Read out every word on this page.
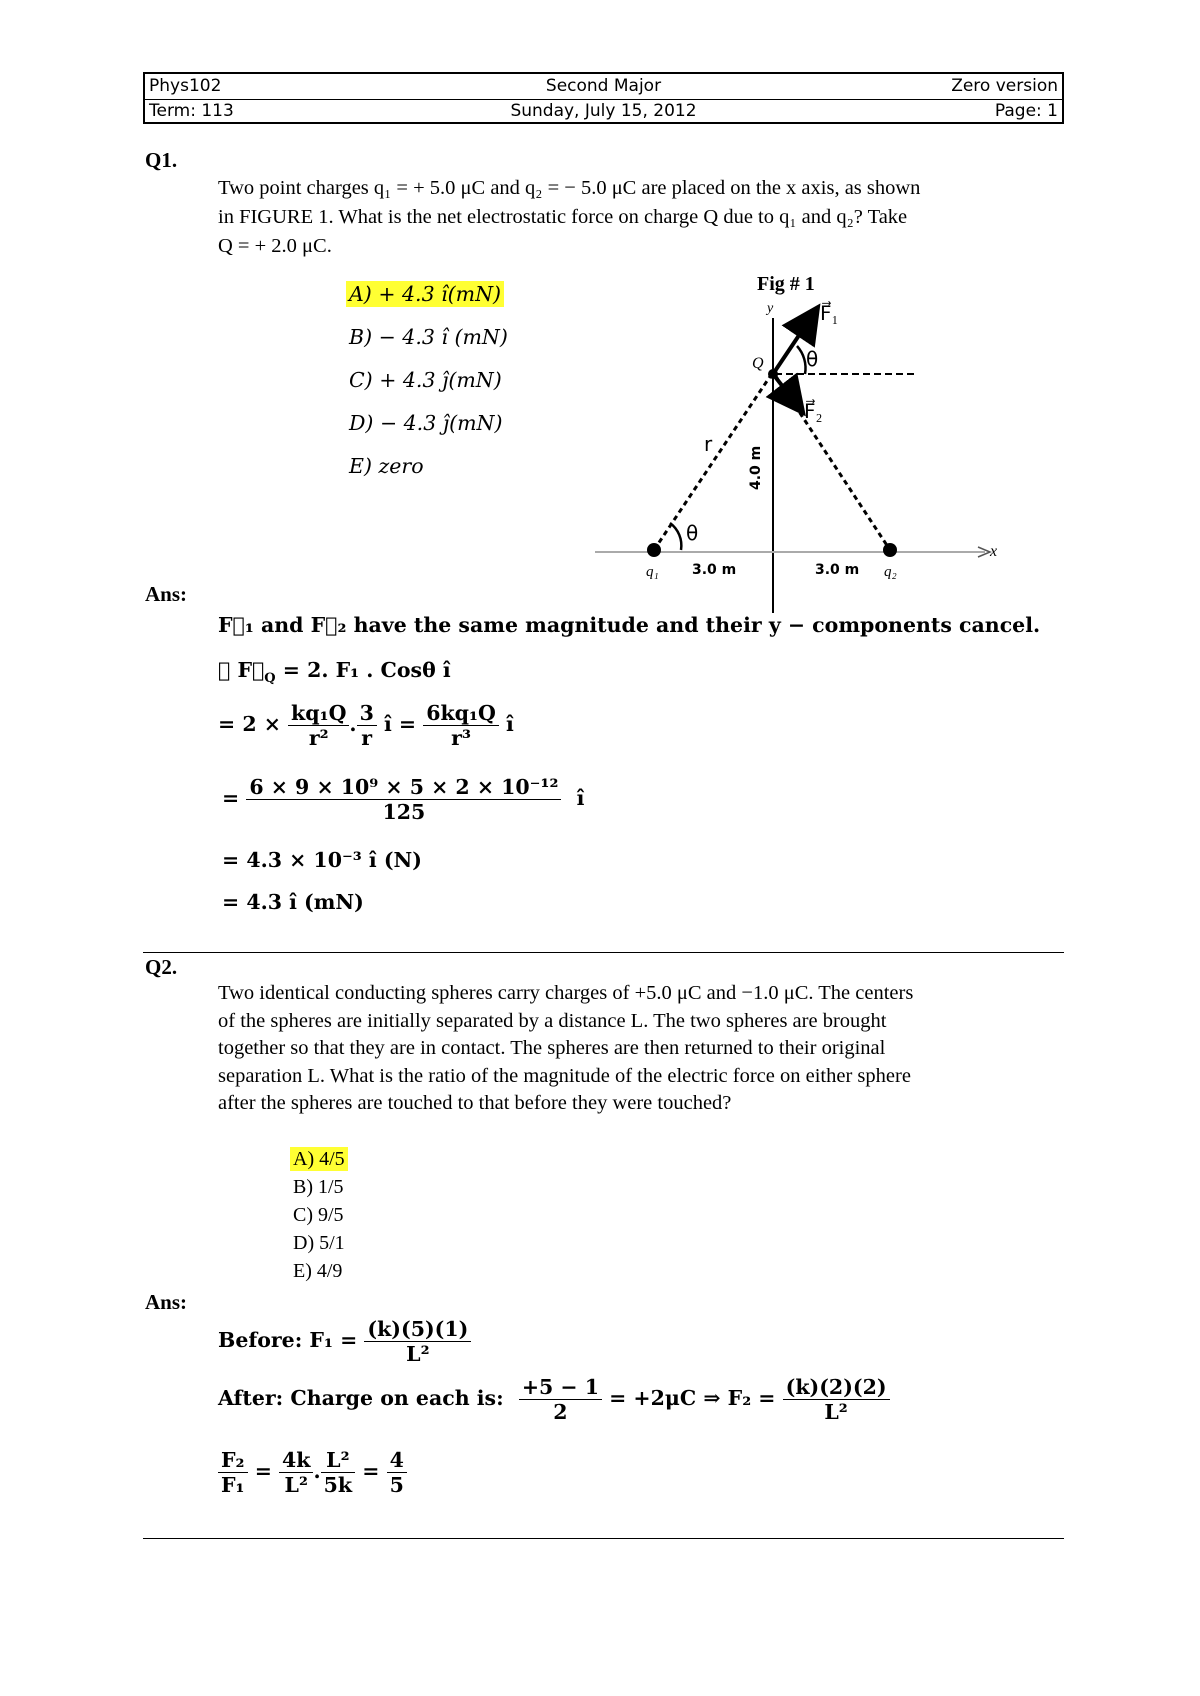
Phys102	Second Major	Zero version
Term: 113	Sunday, July 15, 2012	Page: 1
Q1.
Two point charges q₁ = + 5.0 μC and q₂ = − 5.0 μC are placed on the x axis, as shown
in FIGURE 1. What is the net electrostatic force on charge Q due to q₁ and q₂? Take
Q = + 2.0 μC.
A) + 4.3 î(mN)
B) − 4.3 î (mN)
C) + 4.3 ĵ(mN)
D) − 4.3 ĵ(mN)
E) zero
Fig # 1
y
x
Q
F⃗₁
F⃗₂
θ
θ
r
4.0 m
3.0 m	3.0 m
q₁	q₂
Ans:
F⃗₁ and F⃗₂ have the same magnitude and their y − components cancel.
∴ $F⃗_Q = 2$. F₁ . Cosθ î
= $2 \times \frac{\text{kq₁Q}}{\text{r²}}$ . $\frac{3}{r}$ î = $\frac{\text{6kq₁Q}}{\text{r³}}$ î
= $\frac{\text{6 × 9 × 10⁹ × 5 × 2 × 10⁻¹²}}{125}$ î
= 4.3 × 10⁻³ î (N)
= 4.3 î (mN)
Q2.
Two identical conducting spheres carry charges of +5.0 μC and −1.0 μC. The centers
of the spheres are initially separated by a distance L. The two spheres are brought
together so that they are in contact. The spheres are then returned to their original
separation L. What is the ratio of the magnitude of the electric force on either sphere
after the spheres are touched to that before they were touched?
A) 4/5
B) 1/5
C) 9/5
D) 5/1
E) 4/9
Ans:
Before: $F_1 = \frac{(k)(5)(1)}{\text{L²}}$
After: Charge on each is: $\frac{+5 - 1}{2} = +2\mu C$ ⇒ $F_2 = \frac{(k)(2)(2)}{\text{L²}}$
$\frac{\text{F₂}}{\text{F₁}} = \frac{4k}{\text{L²}}$ . $\frac{\text{L²}}{5k} = \frac{4}{5}$
